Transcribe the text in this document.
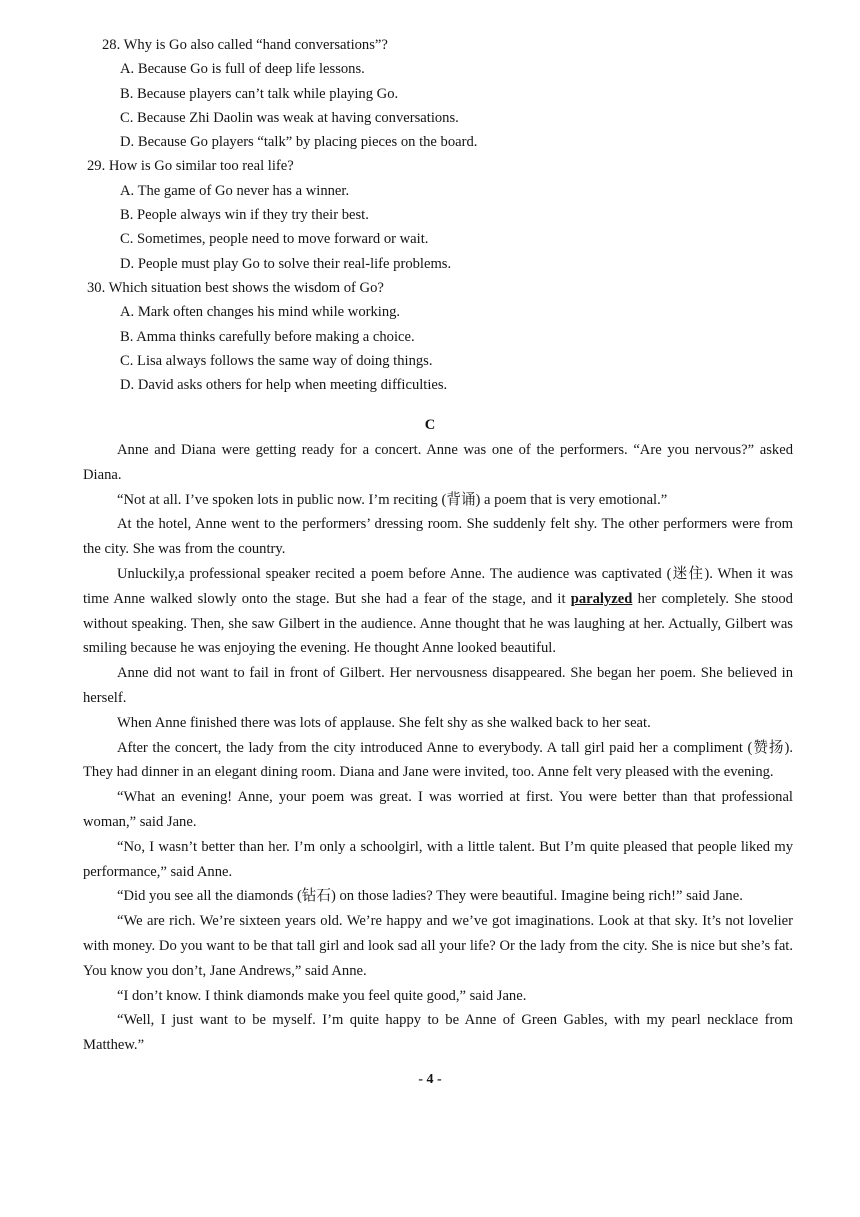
28. Why is Go also called “hand conversations”?

A. Because Go is full of deep life lessons.

B. Because players can’t talk while playing Go.

C. Because Zhi Daolin was weak at having conversations.

D. Because Go players “talk” by placing pieces on the board.

29. How is Go similar too real life?

A. The game of Go never has a winner.

B. People always win if they try their best.

C. Sometimes, people need to move forward or wait.

D. People must play Go to solve their real-life problems.

30. Which situation best shows the wisdom of Go?

A. Mark often changes his mind while working.

B. Amma thinks carefully before making a choice.

C. Lisa always follows the same way of doing things.

D. David asks others for help when meeting difficulties.

C

Anne and Diana were getting ready for a concert. Anne was one of the performers. “Are you nervous?” asked Diana.

“Not at all. I’ve spoken lots in public now. I’m reciting (背诵) a poem that is very emotional.”

At the hotel, Anne went to the performers’ dressing room. She suddenly felt shy. The other performers were from the city. She was from the country.

Unluckily,a professional speaker recited a poem before Anne. The audience was captivated (迷住). When it was time Anne walked slowly onto the stage. But she had a fear of the stage, and it paralyzed her completely. She stood without speaking. Then, she saw Gilbert in the audience. Anne thought that he was laughing at her. Actually, Gilbert was smiling because he was enjoying the evening. He thought Anne looked beautiful.

Anne did not want to fail in front of Gilbert. Her nervousness disappeared. She began her poem. She believed in herself.

When Anne finished there was lots of applause. She felt shy as she walked back to her seat.

After the concert, the lady from the city introduced Anne to everybody. A tall girl paid her a compliment (赞扬). They had dinner in an elegant dining room. Diana and Jane were invited, too. Anne felt very pleased with the evening.

“What an evening! Anne, your poem was great. I was worried at first. You were better than that professional woman,” said Jane.

“No, I wasn’t better than her. I’m only a schoolgirl, with a little talent. But I’m quite pleased that people liked my performance,” said Anne.

“Did you see all the diamonds (钻石) on those ladies? They were beautiful. Imagine being rich!” said Jane.

“We are rich. We’re sixteen years old. We’re happy and we’ve got imaginations. Look at that sky. It’s not lovelier with money. Do you want to be that tall girl and look sad all your life? Or the lady from the city. She is nice but she’s fat. You know you don’t, Jane Andrews,” said Anne.

“I don’t know. I think diamonds make you feel quite good,” said Jane.

“Well, I just want to be myself. I’m quite happy to be Anne of Green Gables, with my pearl necklace from Matthew.”

- 4 -
